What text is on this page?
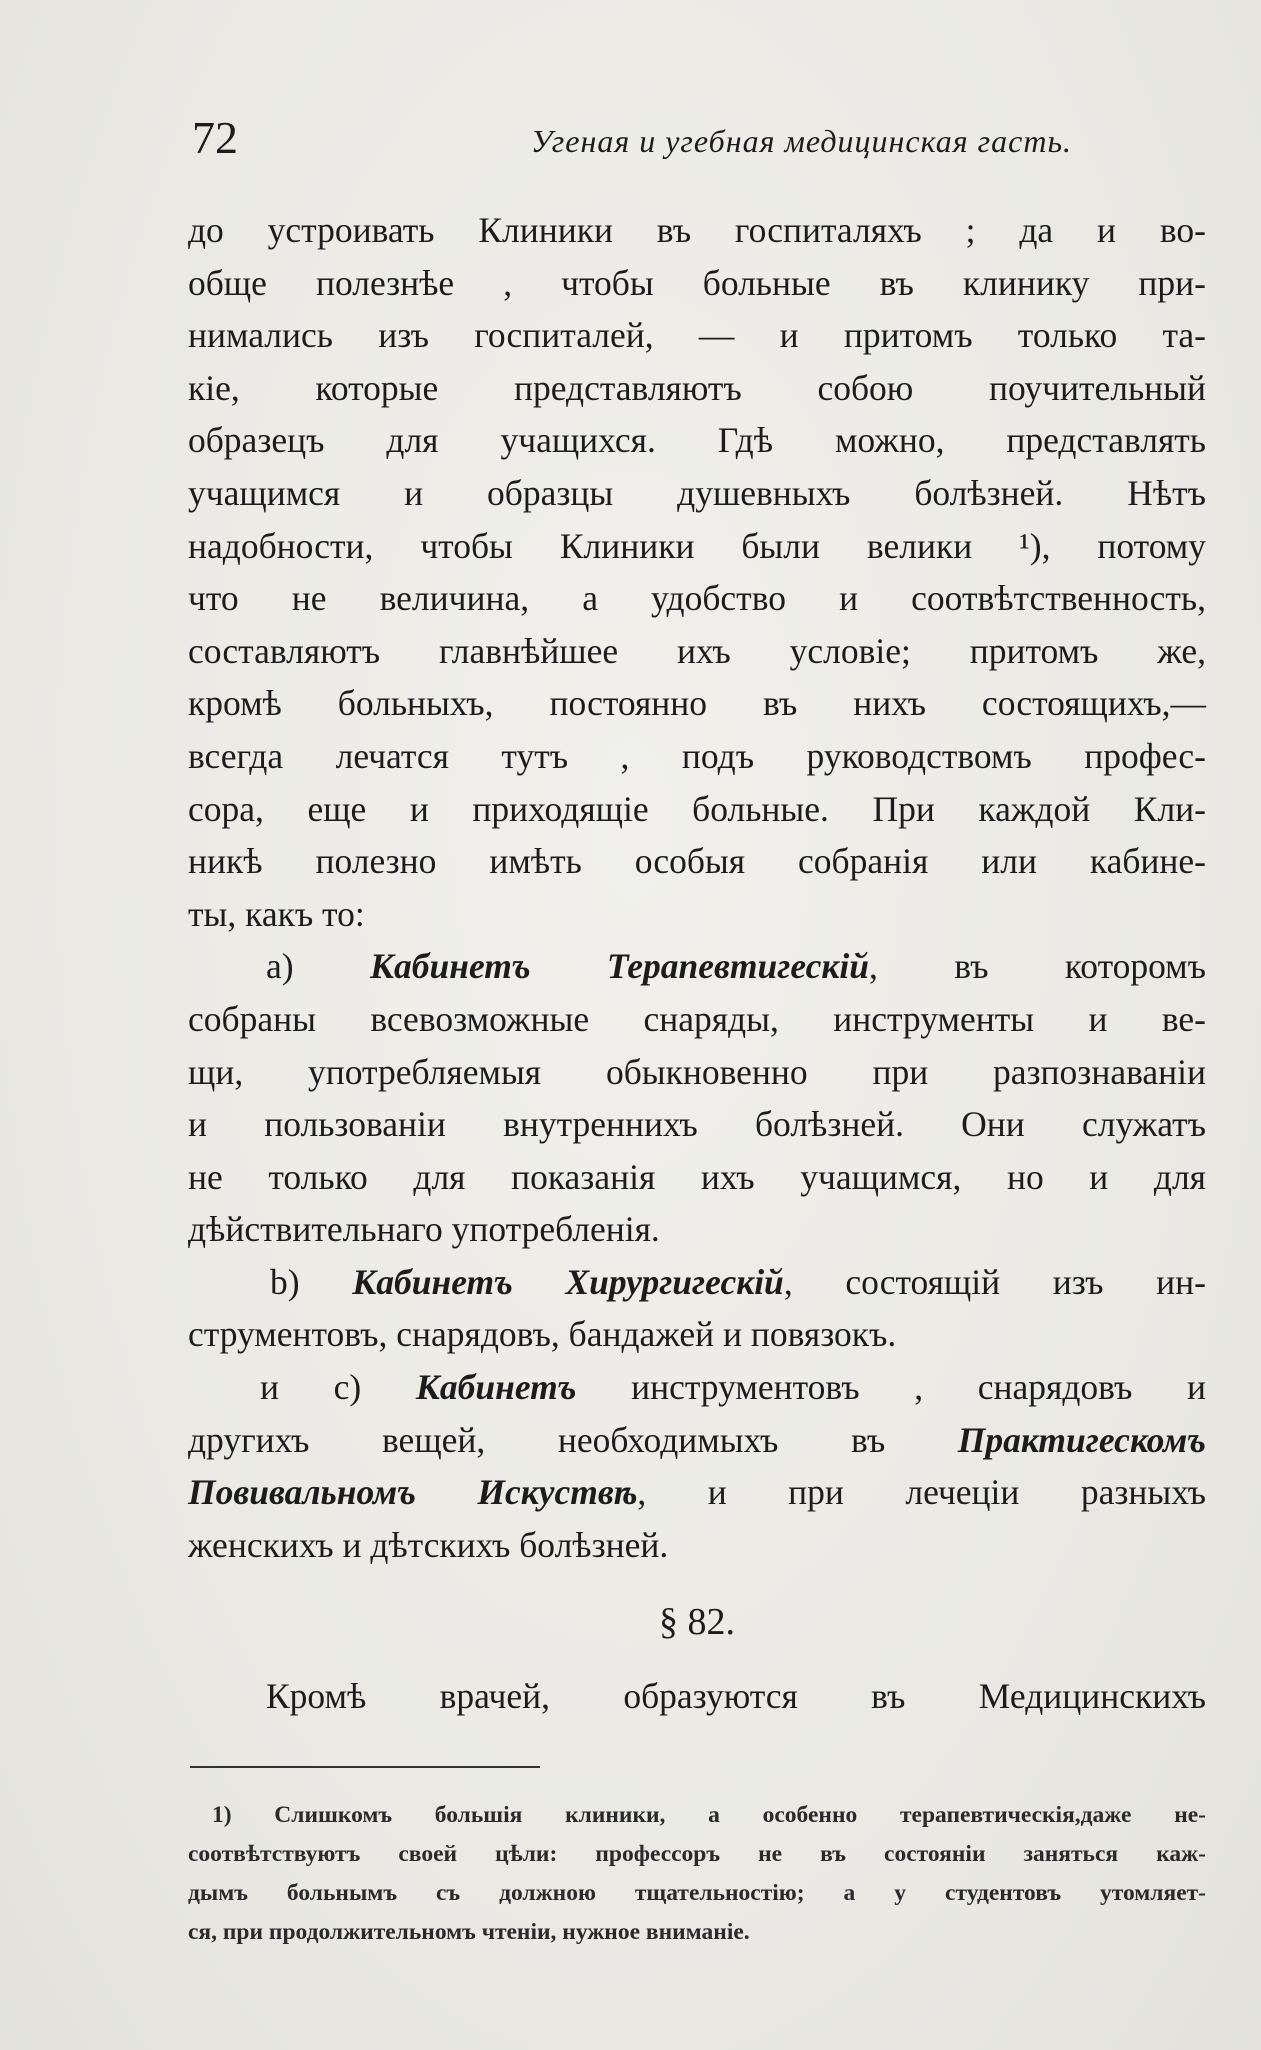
72	Угеная и угебная медицинская гасть.
до устроивать Клиники въ госпиталяхъ ; да и во-
обще полезнѣе , чтобы больные въ клинику при-
нимались изъ госпиталей, — и притомъ только та-
кіе, которые представляютъ собою поучительный
образецъ для учащихся. Гдѣ можно, представлять
учащимся и образцы душевныхъ болѣзней. Нѣтъ
надобности, чтобы Клиники были велики ¹), потому
что не величина, а удобство и соотвѣтственность,
составляютъ главнѣйшее ихъ условіе; притомъ же,
кромѣ больныхъ, постоянно въ нихъ состоящихъ,—
всегда лечатся тутъ , подъ руководствомъ профес-
сора, еще и приходящіе больные. При каждой Кли-
никѣ полезно имѣть особыя собранія или кабине-
ты, какъ то:
a) Кабинетъ Терапевтигескій, въ которомъ
собраны всевозможные снаряды, инструменты и ве-
щи, употребляемыя обыкновенно при разпознаваніи
и пользованіи внутреннихъ болѣзней. Они служатъ
не только для показанія ихъ учащимся, но и для
дѣйствительнаго употребленія.
b) Кабинетъ Хирургигескій, состоящій изъ ин-
струментовъ, снарядовъ, бандажей и повязокъ.
и c) Кабинетъ инструментовъ , снарядовъ и
другихъ вещей, необходимыхъ въ Практигескомъ
Повивальномъ Искуствѣ, и при лечеціи разныхъ
женскихъ и дѣтскихъ болѣзней.
§ 82.
Кромѣ врачей, образуются въ Медицинскихъ
1) Слишкомъ большія клиники, а особенно терапевтическія,даже не-
соотвѣтствуютъ своей цѣли: профессоръ не въ состояніи заняться каж-
дымъ больнымъ съ должною тщательностію; а у студентовъ утомляет-
ся, при продолжительномъ чтеніи, нужное вниманіе.
